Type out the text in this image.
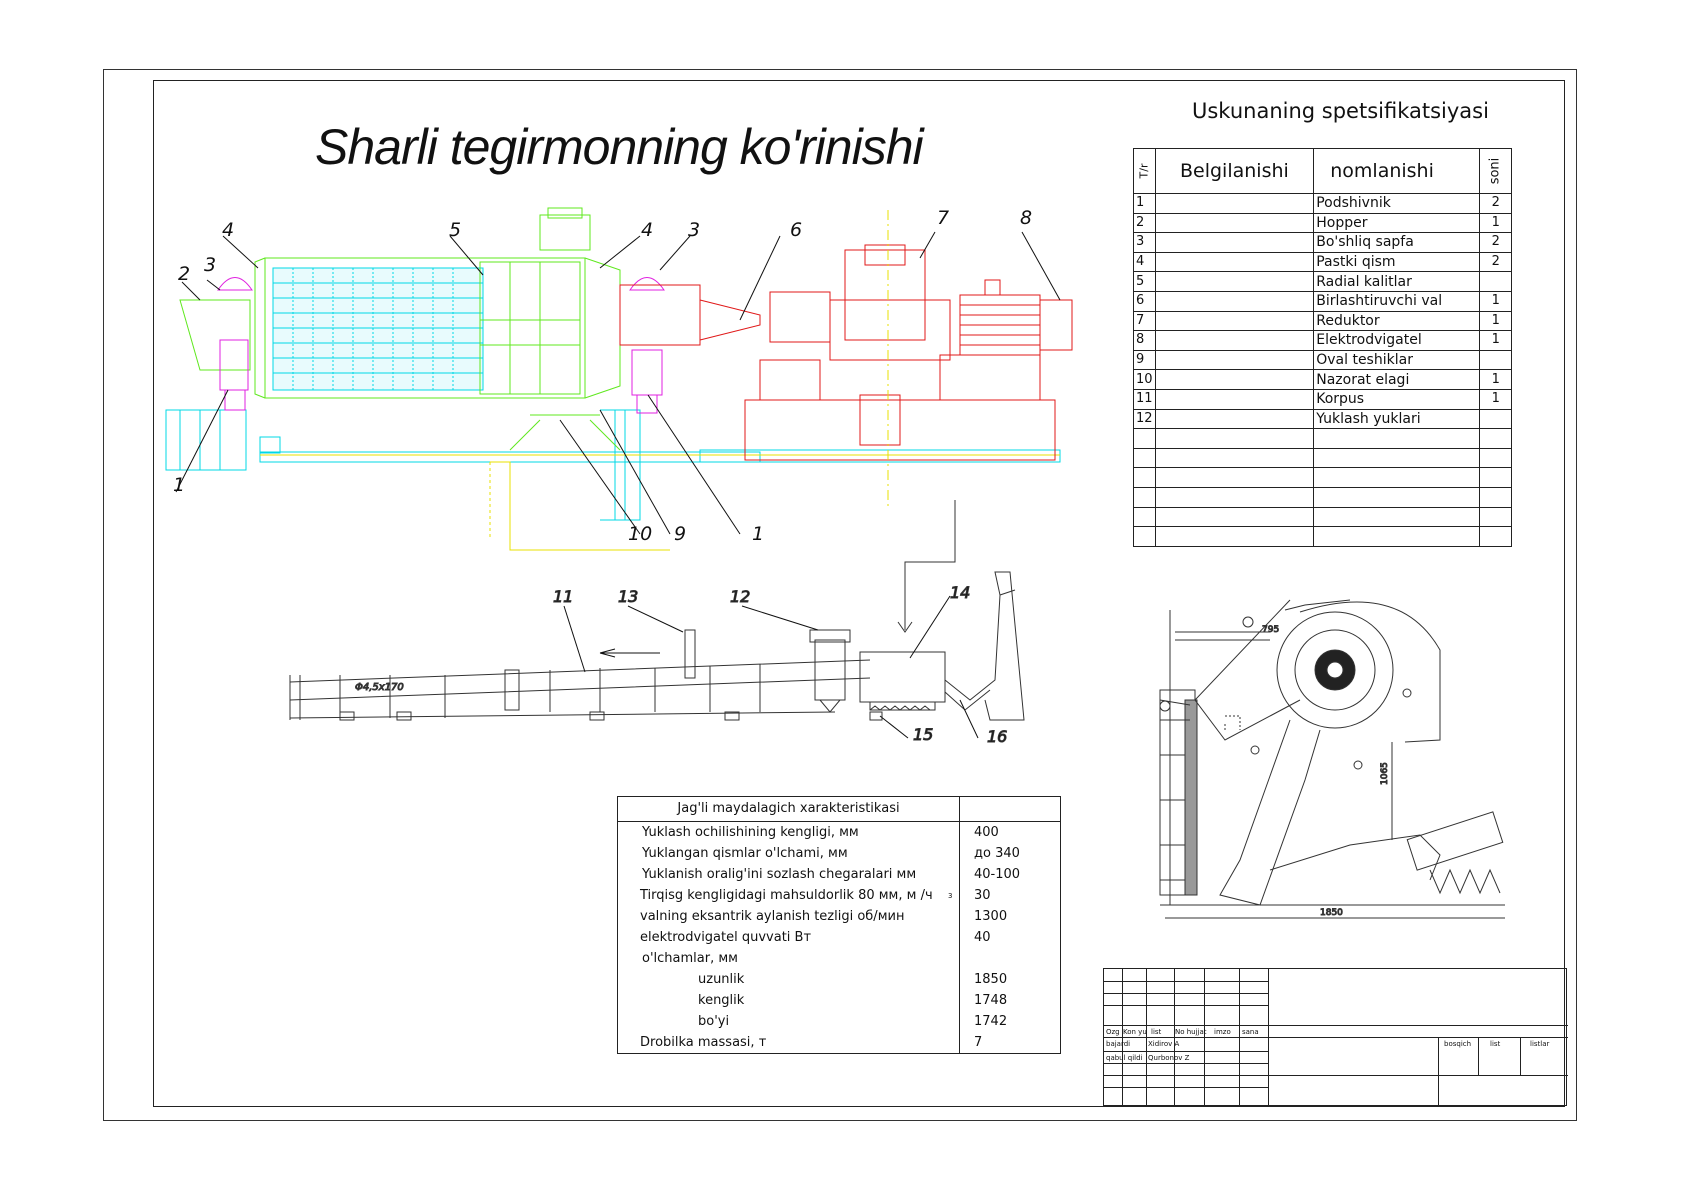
Sharli tegirmonning ko'rinishi
Uskunaning spetsifikatsiyasi
T/r	Belgilanishi	nomlanishi	soni
1		Podshivnik	2
2		Hopper	1
3		Bo'shliq sapfa	2
4		Pastki qism	2
5		Radial kalitlar	
6		Birlashtiruvchi val	1
7		Reduktor	1
8		Elektrodvigatel	1
9		Oval teshiklar	
10		Nazorat elagi	1
11		Korpus	1
12		Yuklash yuklari	

4	5	4 3	6
7	8
2 3
1
10 9	1
11	13	12	14
15	16
Φ4,5x170
795
1065
1850
Jag'li maydalagich xarakteristikasi	
Yuklash ochilishining kengligi, мм	400
Yuklangan qismlar o'lchami, мм	до 340
Yuklanish oralig'ini sozlash chegaralari мм	40-100
Tirqisg kengligidagi mahsuldorlik 80 мм, м /ч	30
valning eksantrik aylanish tezligi об/мин	1300
elektrodvigatel quvvati Вт	40
o'lchamlar, мм	
uzunlik	1850
kenglik	1748
bo'yi	1742
Drobilka massasi, т	7
3
Ozg Kon yu list No hujjat imzo sana
bajardi	Xidirov A
qabul qildi Qurbonov Z
bosqich	list	listlar
